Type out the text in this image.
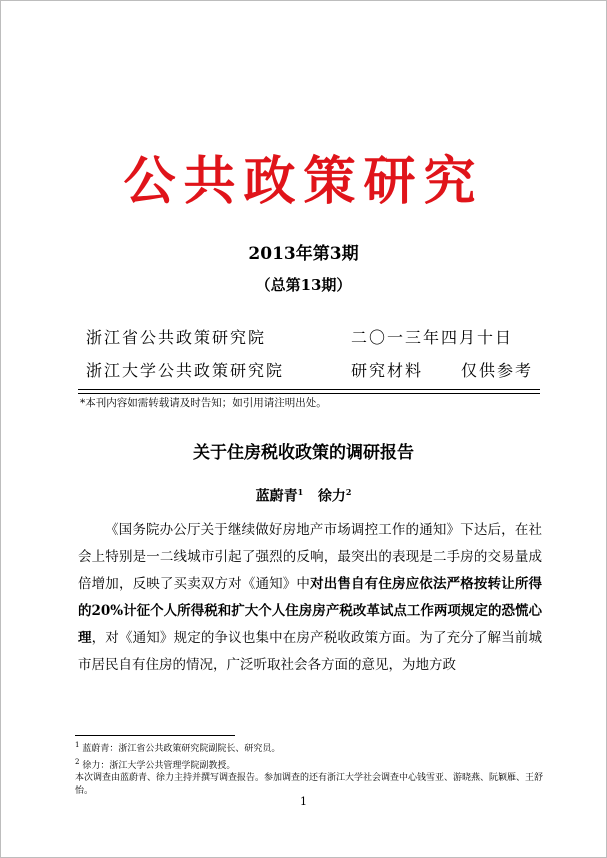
公共政策研究
2013年第3期
（总第13期）
浙江省公共政策研究院	二〇一三年四月十日
浙江大学公共政策研究院	研究材料 仅供参考
*本刊内容如需转载请及时告知；如引用请注明出处。
关于住房税收政策的调研报告
蓝蔚青$^1$ 徐力$^2$
《国务院办公厅关于继续做好房地产市场调控工作的通知》下达后，在社会上特别是一二线城市引起了强烈的反响，最突出的表现是二手房的交易量成倍增加，反映了买卖双方对《通知》中对出售自有住房应依法严格按转让所得的20%计征个人所得税和扩大个人住房房产税改革试点工作两项规定的恐慌心理，对《通知》规定的争议也集中在房产税收政策方面。为了充分了解当前城市居民自有住房的情况，广泛听取社会各方面的意见，为地方政
$^1$ 蓝蔚青：浙江省公共政策研究院副院长、研究员。
$^2$ 徐力：浙江大学公共管理学院副教授。
本次调查由蓝蔚青、徐力主持并撰写调查报告。参加调查的还有浙江大学社会调查中心钱雪亚、游晓燕、阮颖雁、王舒怡。
1
